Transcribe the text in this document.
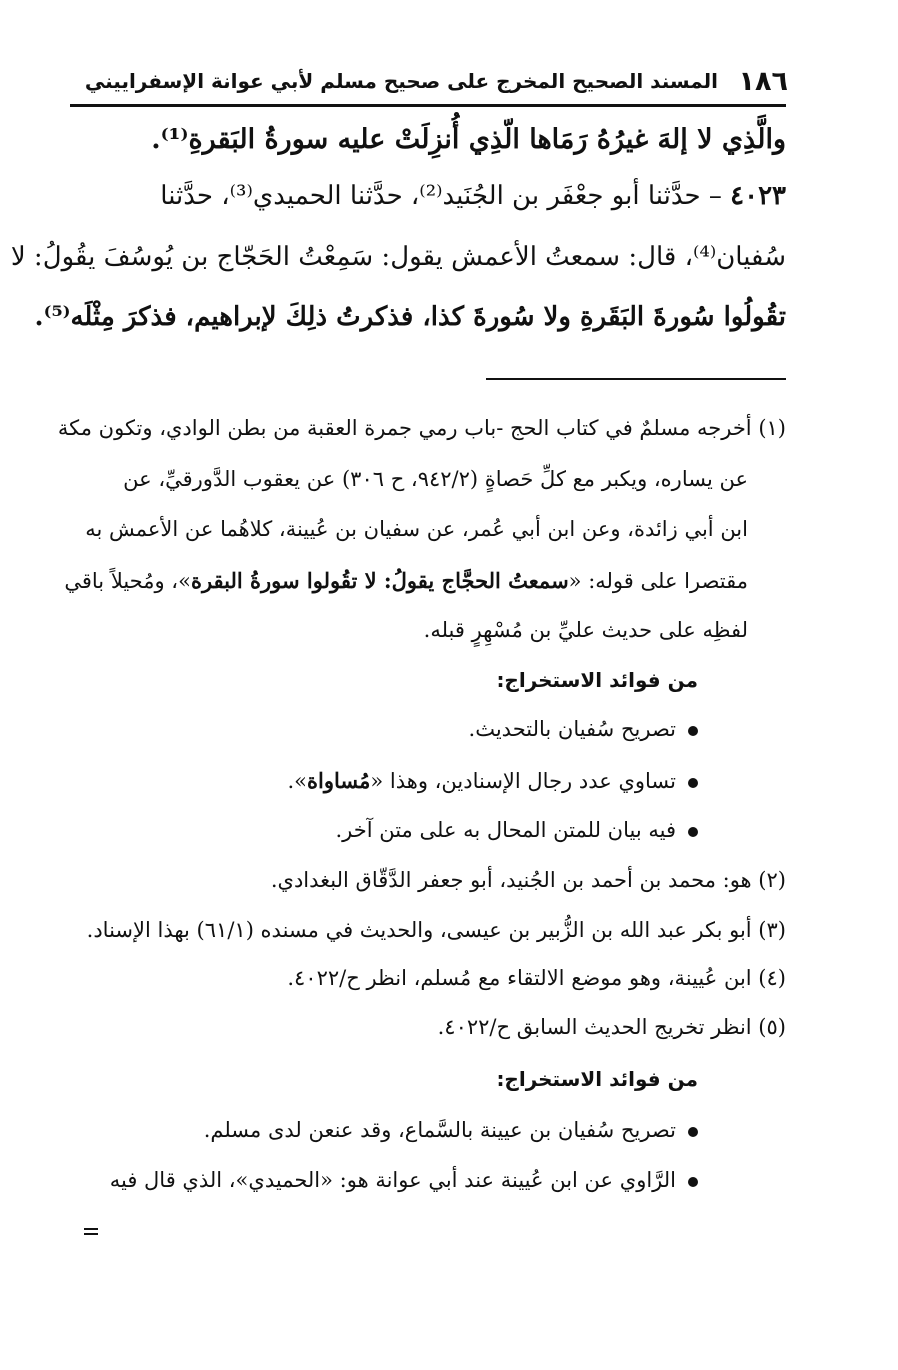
١٨٦
المسند الصحيح المخرج على صحيح مسلم لأبي عوانة الإسفراييني
والَّذِي لا إلهَ غيرُهُ رَمَاها الّذِي أُنزِلَتْ عليه سورةُ البَقرةِ⁽¹⁾.
٤٠٢٣ – حدَّثنا أبو جعْفَر بن الجُنَيد⁽²⁾، حدَّثنا الحميدي⁽³⁾، حدَّثنا
سُفيان⁽⁴⁾، قال: سمعتُ الأعمش يقول: سَمِعْتُ الحَجّاج بن يُوسُفَ يقُولُ: لا
تقُولُوا سُورةَ البَقَرةِ ولا سُورةَ كذا، فذكرتُ ذلِكَ لإبراهيم، فذكرَ مِثْلَه⁽⁵⁾.
(١) أخرجه مسلمٌ في كتاب الحج -باب رمي جمرة العقبة من بطن الوادي، وتكون مكة
عن يساره، ويكبر مع كلِّ حَصاةٍ (٩٤٢/٢، ح ٣٠٦) عن يعقوب الدَّورقيِّ، عن
ابن أبي زائدة، وعن ابن أبي عُمر، عن سفيان بن عُيينة، كلاهُما عن الأعمش به
مقتصرا على قوله: «سمعتُ الحجَّاج يقولُ: لا تقُولوا سورةُ البقرة»، ومُحيلاً باقي
لفظِه على حديث عليِّ بن مُسْهِرٍ قبله.
من فوائد الاستخراج:
تصريح سُفيان بالتحديث.
تساوي عدد رجال الإسنادين، وهذا «مُساواة».
فيه بيان للمتن المحال به على متن آخر.
(٢) هو: محمد بن أحمد بن الجُنيد، أبو جعفر الدَّقّاق البغدادي.
(٣) أبو بكر عبد الله بن الزُّبير بن عيسى، والحديث في مسنده (٦١/١) بهذا الإسناد.
(٤) ابن عُيينة، وهو موضع الالتقاء مع مُسلم، انظر ح/٤٠٢٢.
(٥) انظر تخريج الحديث السابق ح/٤٠٢٢.
من فوائد الاستخراج:
تصريح سُفيان بن عيينة بالسَّماع، وقد عنعن لدى مسلم.
الرَّاوي عن ابن عُيينة عند أبي عوانة هو: «الحميدي»، الذي قال فيه
